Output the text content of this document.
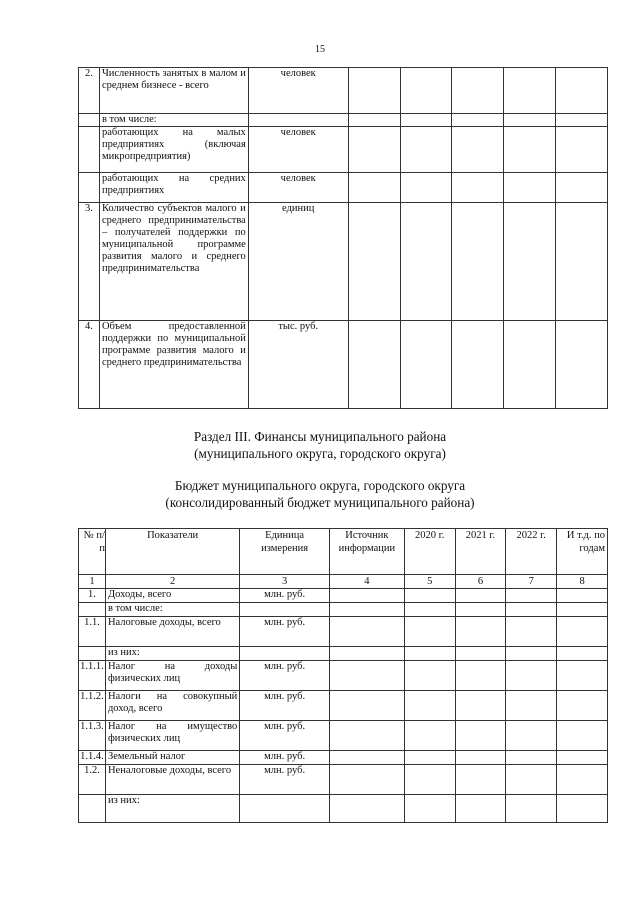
15
2.	Численность занятых в малом и среднем бизнесе - всего	человек					
	в том числе:						
	работающих на малых предприятиях (включая микропредприятия)	человек					
	работающих на средних предприятиях	человек					
3.	Количество субъектов малого и среднего предпринимательства – получателей поддержки по муниципальной программе развития малого и среднего предпринимательства	единиц					
4.	Объем предоставленной поддержки по муниципальной программе развития малого и среднего предпринимательства	тыс. руб.					
Раздел III. Финансы муниципального района
(муниципального округа, городского округа)
Бюджет муниципального округа, городского округа
(консолидированный бюджет муниципального района)
№ п/п	Показатели	Единица измерения	Источник информации	2020 г.	2021 г.	2022 г.	И т.д. по годам
1	2	3	4	5	6	7	8
1.	Доходы, всего	млн. руб.					
	в том числе:						
1.1.	Налоговые доходы, всего	млн. руб.					
	из них:						
1.1.1.	Налог на доходы физических лиц	млн. руб.					
1.1.2.	Налоги на совокупный доход, всего	млн. руб.					
1.1.3.	Налог на имущество физических лиц	млн. руб.					
1.1.4.	Земельный налог	млн. руб.					
1.2.	Неналоговые доходы, всего	млн. руб.					
	из них:						
